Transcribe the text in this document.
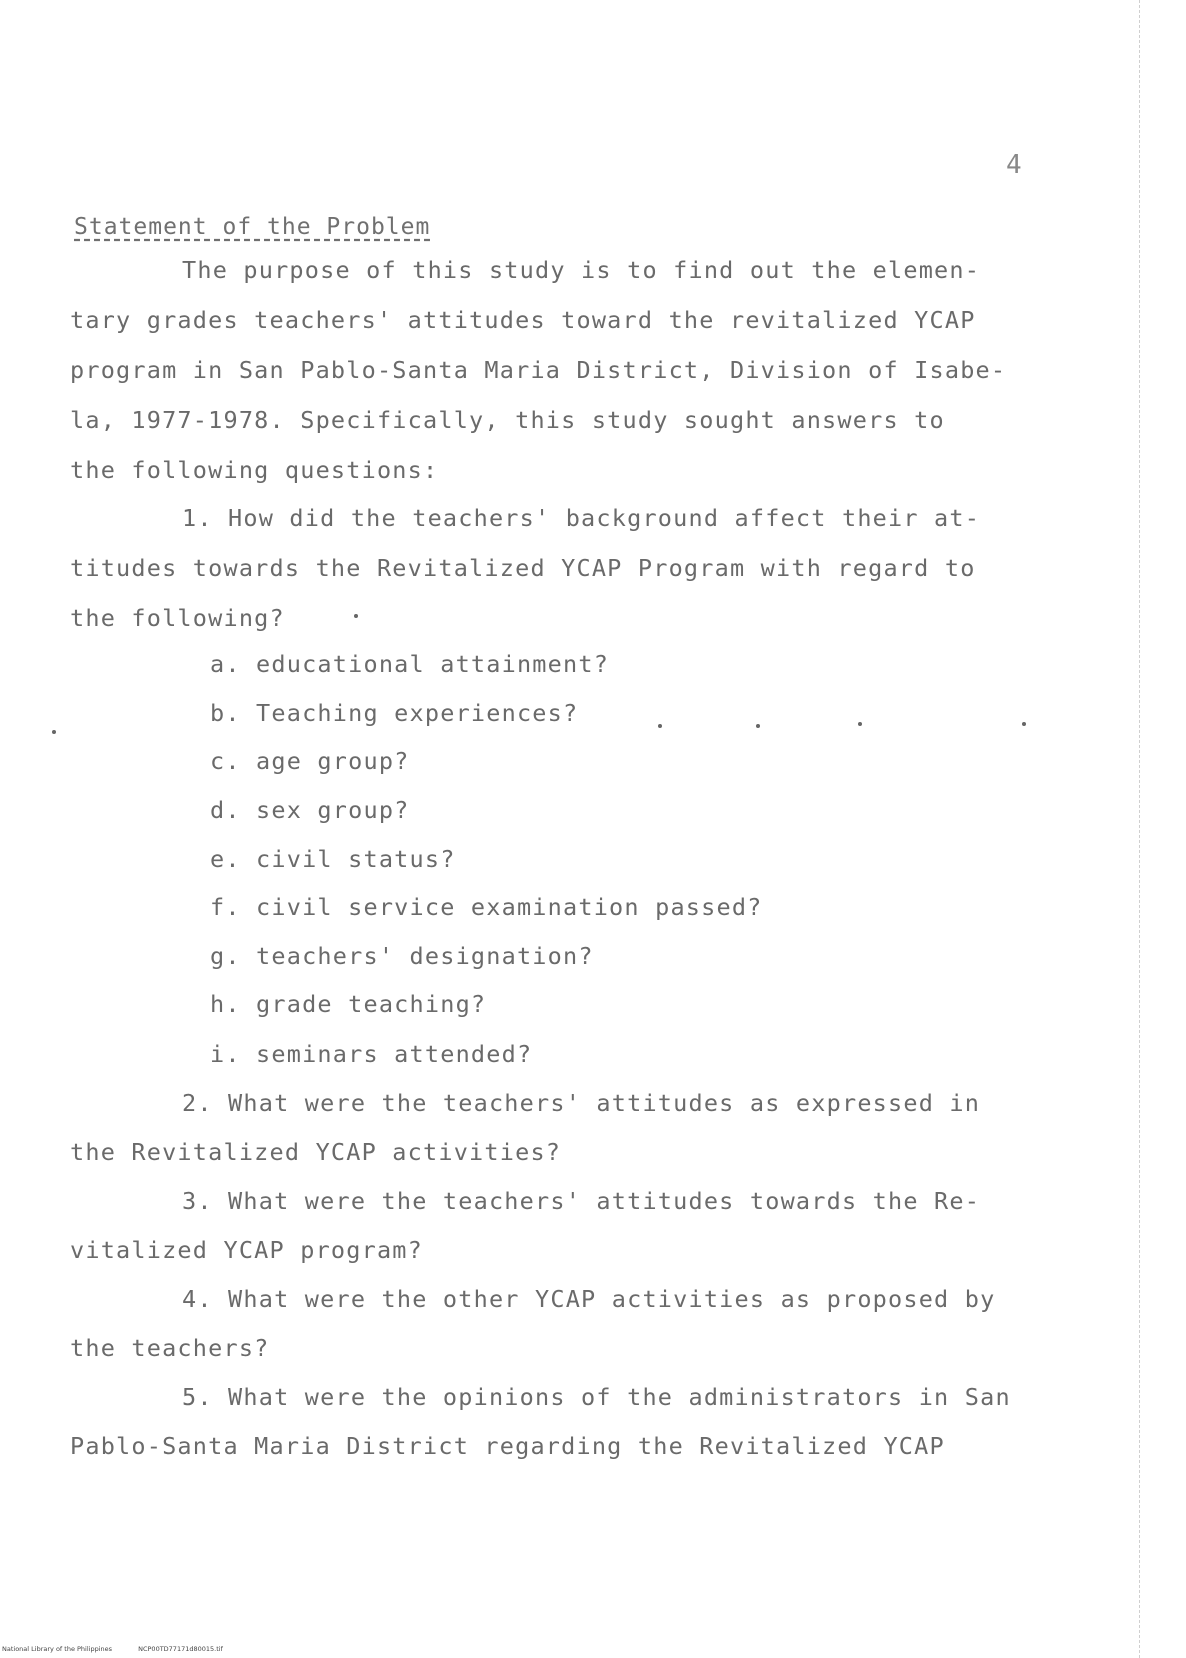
4
Statement of the Problem
The purpose of this study is to find out the elemen-
tary grades teachers' attitudes toward the revitalized YCAP
program in San Pablo-Santa Maria District, Division of Isabe-
la, 1977-1978. Specifically, this study sought answers to
the following questions:
1. How did the teachers' background affect their at-
titudes towards the Revitalized YCAP Program with regard to
the following?
a. educational attainment?
b. Teaching experiences?
c. age group?
d. sex group?
e. civil status?
f. civil service examination passed?
g. teachers' designation?
h. grade teaching?
i. seminars attended?
2. What were the teachers' attitudes as expressed in
the Revitalized YCAP activities?
3. What were the teachers' attitudes towards the Re-
vitalized YCAP program?
4. What were the other YCAP activities as proposed by
the teachers?
5. What were the opinions of the administrators in San
Pablo-Santa Maria District regarding the Revitalized YCAP
National Library of the Philippines	NCP00TD77171d80015.tif
